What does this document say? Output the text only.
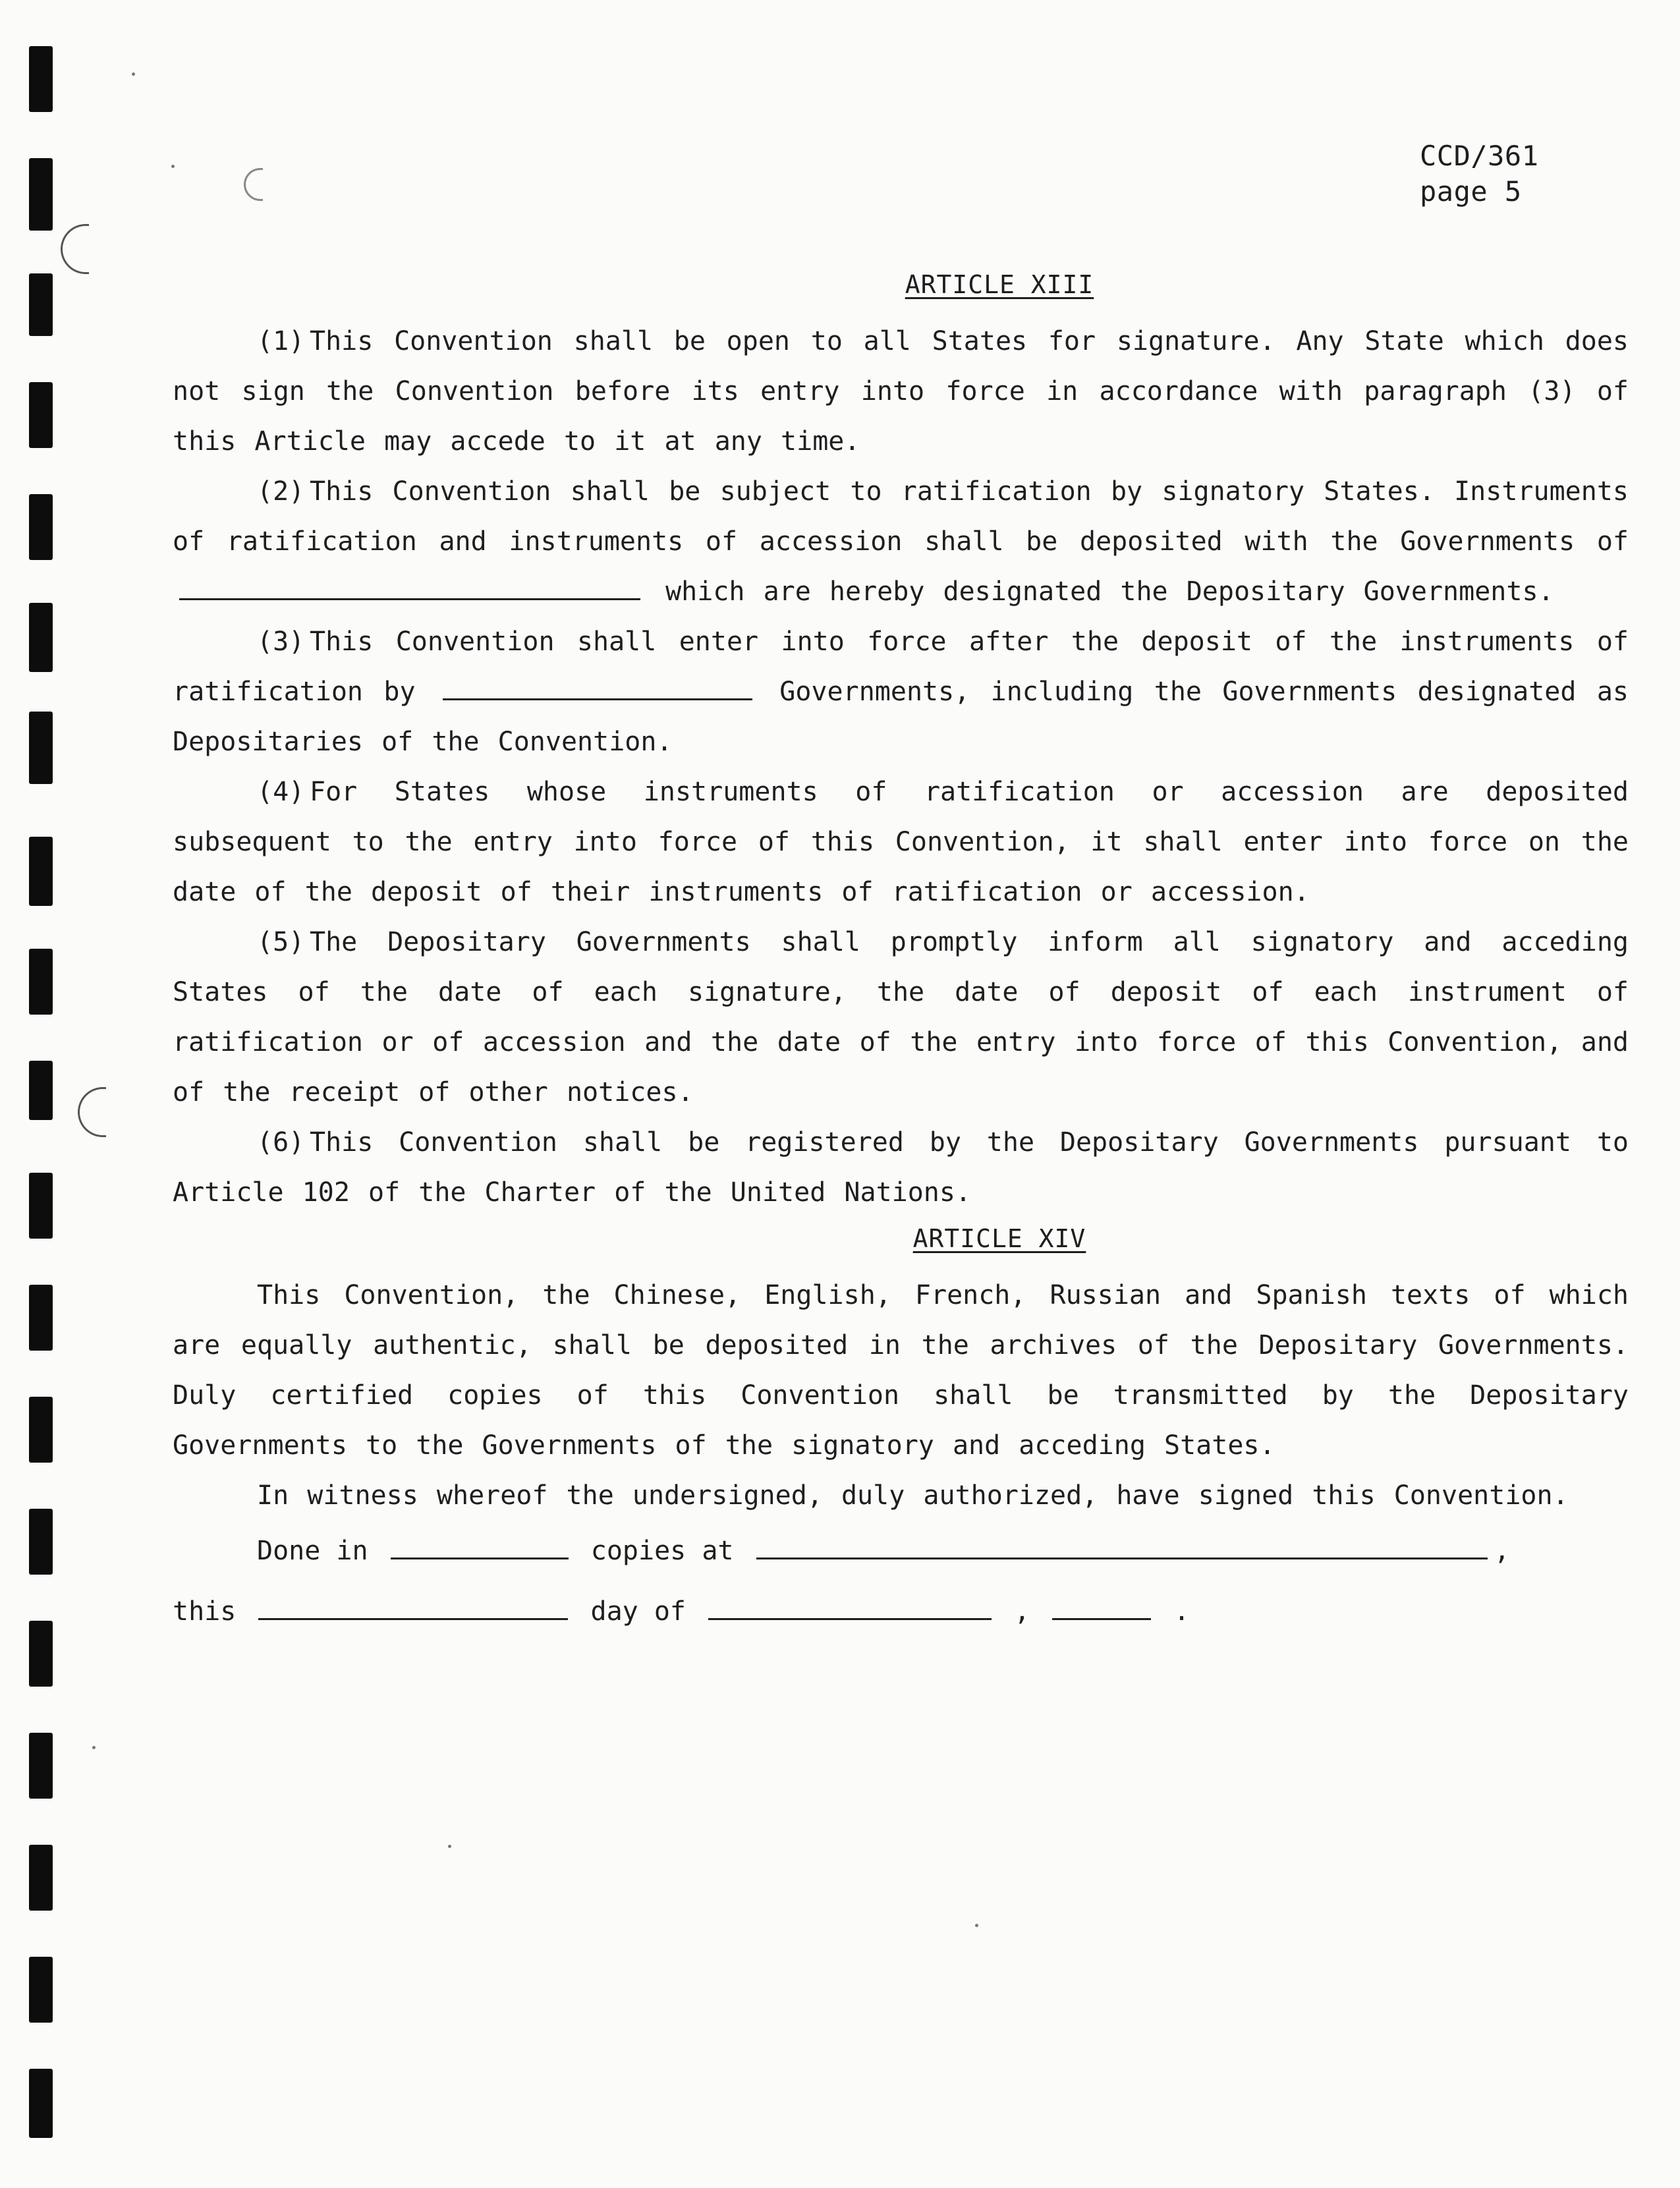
CCD/361
page 5
ARTICLE XIII

(1) This Convention shall be open to all States for signature. Any State which does not sign the Convention before its entry into force in accordance with paragraph (3) of this Article may accede to it at any time.

(2) This Convention shall be subject to ratification by signatory States. Instruments of ratification and instruments of accession shall be deposited with the Governments of  which are hereby designated the Depositary Governments.

(3) This Convention shall enter into force after the deposit of the instruments of ratification by	Governments, including the Governments designated as Depositaries of the Convention.

(4) For States whose instruments of ratification or accession are deposited subsequent to the entry into force of this Convention, it shall enter into force on the date of the deposit of their instruments of ratification or accession.

(5) The Depositary Governments shall promptly inform all signatory and acceding States of the date of each signature, the date of deposit of each instrument of ratification or of accession and the date of the entry into force of this Convention, and of the receipt of other notices.

(6) This Convention shall be registered by the Depositary Governments pursuant to Article 102 of the Charter of the United Nations.

ARTICLE XIV

This Convention, the Chinese, English, French, Russian and Spanish texts of which are equally authentic, shall be deposited in the archives of the Depositary Governments. Duly certified copies of this Convention shall be transmitted by the Depositary Governments to the Governments of the signatory and acceding States.

In witness whereof the undersigned, duly authorized, have signed this Convention.

Done in	copies at	,

this	day of	,	.
